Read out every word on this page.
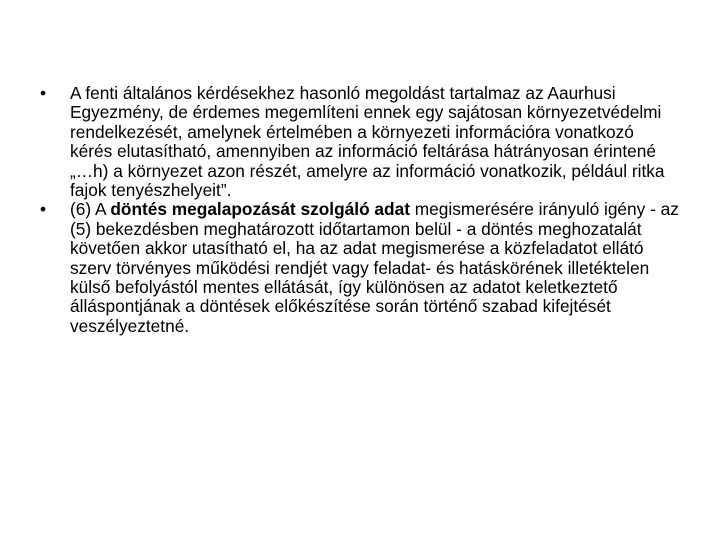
•	A fenti általános kérdésekhez hasonló megoldást tartalmaz az Aaurhusi Egyezmény, de érdemes megemlíteni ennek egy sajátosan környezetvédelmi rendelkezését, amelynek értelmében a környezeti információra vonatkozó kérés elutasítható, amennyiben az információ feltárása hátrányosan érintené „…h) a környezet azon részét, amelyre az információ vonatkozik, például ritka fajok tenyészhelyeit”.
•	(6) A döntés megalapozását szolgáló adat megismerésére irányuló igény - az (5) bekezdésben meghatározott időtartamon belül - a döntés meghozatalát követően akkor utasítható el, ha az adat megismerése a közfeladatot ellátó szerv törvényes működési rendjét vagy feladat- és hatáskörének illetéktelen külső befolyástól mentes ellátását, így különösen az adatot keletkeztető álláspontjának a döntések előkészítése során történő szabad kifejtését veszélyeztetné.
